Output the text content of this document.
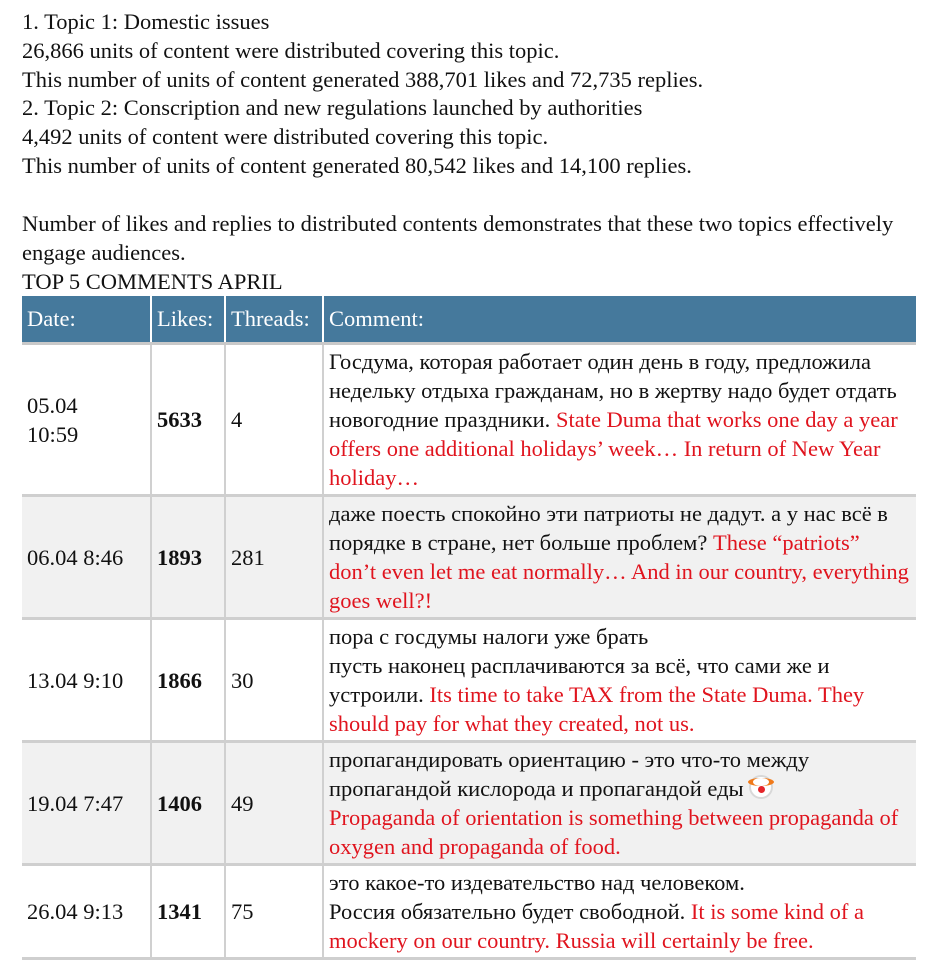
1. Topic 1: Domestic issues
26,866 units of content were distributed covering this topic.
This number of units of content generated 388,701 likes and 72,735 replies.
2. Topic 2: Conscription and new regulations launched by authorities
4,492 units of content were distributed covering this topic.
This number of units of content generated 80,542 likes and 14,100 replies.
Number of likes and replies to distributed contents demonstrates that these two topics effectively engage audiences.
TOP 5 COMMENTS APRIL
Date:	Likes:	Threads:	Comment:
05.04 10:59	5633	4	Госдума, которая работает один день в году, предложила недельку отдыха гражданам, но в жертву надо будет отдать новогодние праздники. State Duma that works one day a year offers one additional holidays’ week… In return of New Year holiday…
06.04 8:46	1893	281	даже поесть спокойно эти патриоты не дадут. а у нас всё в порядке в стране, нет больше проблем? These “patriots” don’t even let me eat normally… And in our country, everything goes well?!
13.04 9:10	1866	30	пора с госдумы налоги уже брать
пусть наконец расплачиваются за всё, что сами же и устроили. Its time to take TAX from the State Duma. They should pay for what they created, not us.
19.04 7:47	1406	49	пропагандировать ориентацию - это что-то между пропагандой кислорода и пропагандой еды
Propaganda of orientation is something between propaganda of oxygen and propaganda of food.
26.04 9:13	1341	75	это какое-то издевательство над человеком.
Россия обязательно будет свободной. It is some kind of a mockery on our country. Russia will certainly be free.
